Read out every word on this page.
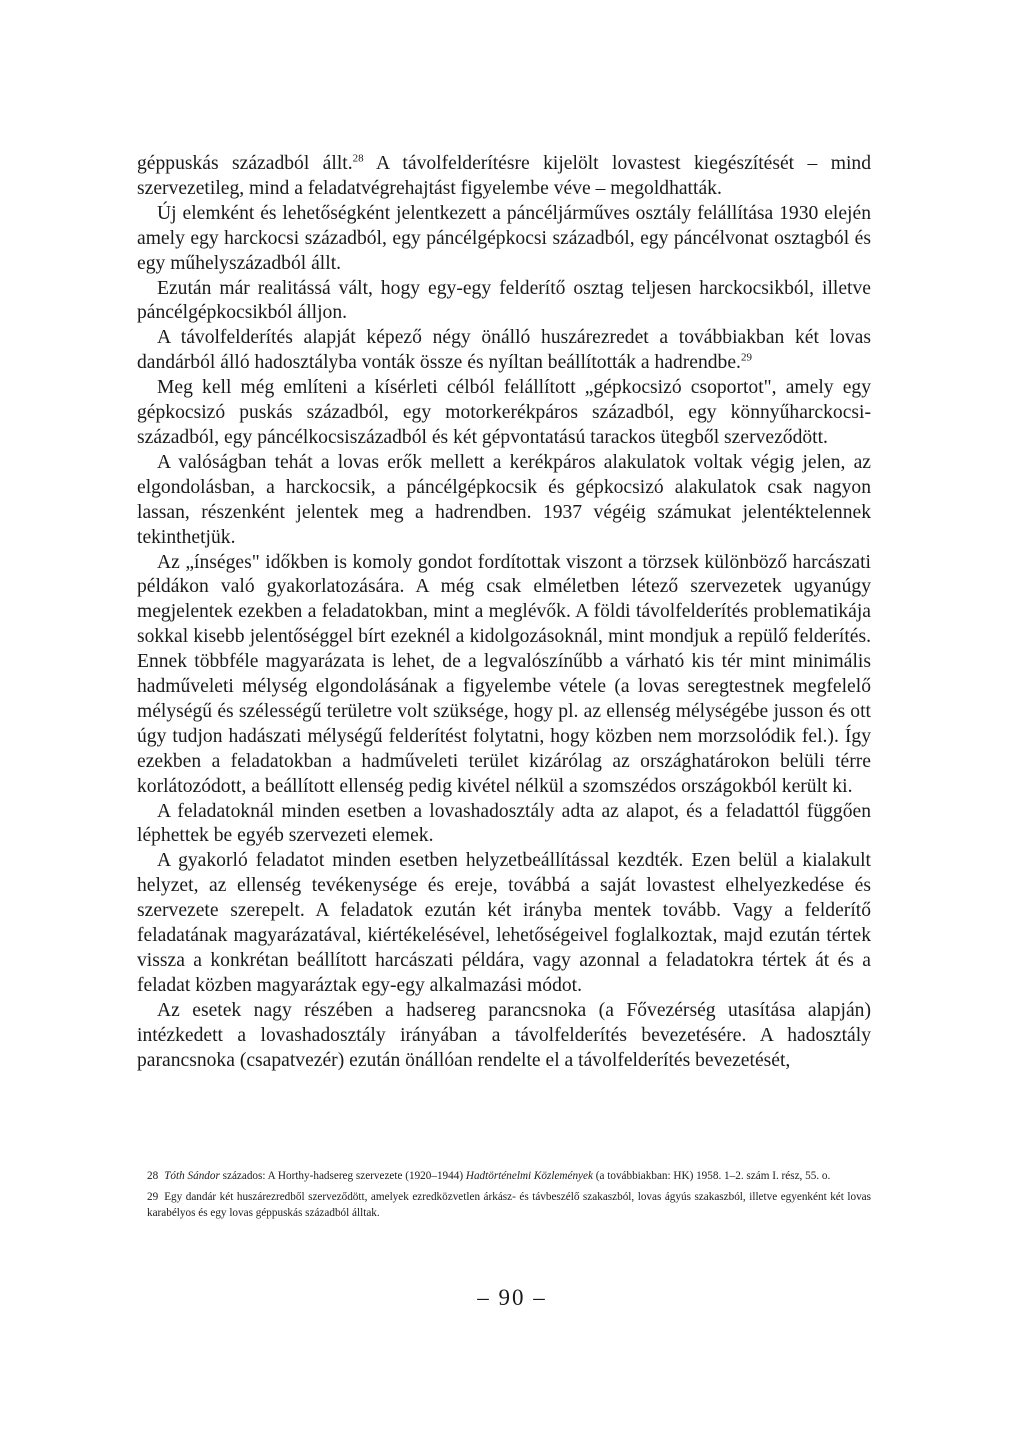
géppuskás századból állt.$^{28}$ A távolfelderítésre kijelölt lovastest kiegészítését – mind szervezetileg, mind a feladatvégrehajtást figyelembe véve – megoldhatták.

Új elemként és lehetőségként jelentkezett a páncéljárműves osztály felállítása 1930 elején amely egy harckocsi századból, egy páncélgépkocsi századból, egy páncélvonat osztagból és egy műhelyszázadból állt.

Ezután már realitássá vált, hogy egy-egy felderítő osztag teljesen harckocsikból, illetve páncélgépkocsikból álljon.

A távolfelderítés alapját képező négy önálló huszárezredet a továbbiakban két lovas dandárból álló hadosztályba vonták össze és nyíltan beállították a hadrendbe.$^{29}$

Meg kell még említeni a kísérleti célból felállított „gépkocsizó csoportot", amely egy gépkocsizó puskás századból, egy motorkerékpáros századból, egy könnyűharckocsi-századból, egy páncélkocsiszázadból és két gépvontatású tarackos ütegből szerveződött.

A valóságban tehát a lovas erők mellett a kerékpáros alakulatok voltak végig jelen, az elgondolásban, a harckocsik, a páncélgépkocsik és gépkocsizó alakulatok csak nagyon lassan, részenként jelentek meg a hadrendben. 1937 végéig számukat jelentéktelennek tekinthetjük.

Az „ínséges" időkben is komoly gondot fordítottak viszont a törzsek különböző harcászati példákon való gyakorlatozására. A még csak elméletben létező szervezetek ugyanúgy megjelentek ezekben a feladatokban, mint a meglévők. A földi távolfelderítés problematikája sokkal kisebb jelentőséggel bírt ezeknél a kidolgozásoknál, mint mondjuk a repülő felderítés. Ennek többféle magyarázata is lehet, de a legvalószínűbb a várható kis tér mint minimális hadműveleti mélység elgondolásának a figyelembe vétele (a lovas seregtestnek megfelelő mélységű és szélességű területre volt szüksége, hogy pl. az ellenség mélységébe jusson és ott úgy tudjon hadászati mélységű felderítést folytatni, hogy közben nem morzsolódik fel.). Így ezekben a feladatokban a hadműveleti terület kizárólag az országhatárokon belüli térre korlátozódott, a beállított ellenség pedig kivétel nélkül a szomszédos országokból került ki.

A feladatoknál minden esetben a lovashadosztály adta az alapot, és a feladattól függően léphettek be egyéb szervezeti elemek.

A gyakorló feladatot minden esetben helyzetbeállítással kezdték. Ezen belül a kialakult helyzet, az ellenség tevékenysége és ereje, továbbá a saját lovastest elhelyezkedése és szervezete szerepelt. A feladatok ezután két irányba mentek tovább. Vagy a felderítő feladatának magyarázatával, kiértékelésével, lehetőségeivel foglalkoztak, majd ezután tértek vissza a konkrétan beállított harcászati példára, vagy azonnal a feladatokra tértek át és a feladat közben magyaráztak egy-egy alkalmazási módot.

Az esetek nagy részében a hadsereg parancsnoka (a Fővezérség utasítása alapján) intézkedett a lovashadosztály irányában a távolfelderítés bevezetésére. A hadosztály parancsnoka (csapatvezér) ezután önállóan rendelte el a távolfelderítés bevezetését,

28 Tóth Sándor százados: A Horthy-hadsereg szervezete (1920–1944) Hadtörténelmi Közlemények (a továbbiakban: HK) 1958. 1–2. szám I. rész, 55. o.

29 Egy dandár két huszárezredből szerveződött, amelyek ezredközvetlen árkász- és távbeszélő szakaszból, lovas ágyús szakaszból, illetve egyenként két lovas karabélyos és egy lovas géppuskás századból álltak.

– 90 –
